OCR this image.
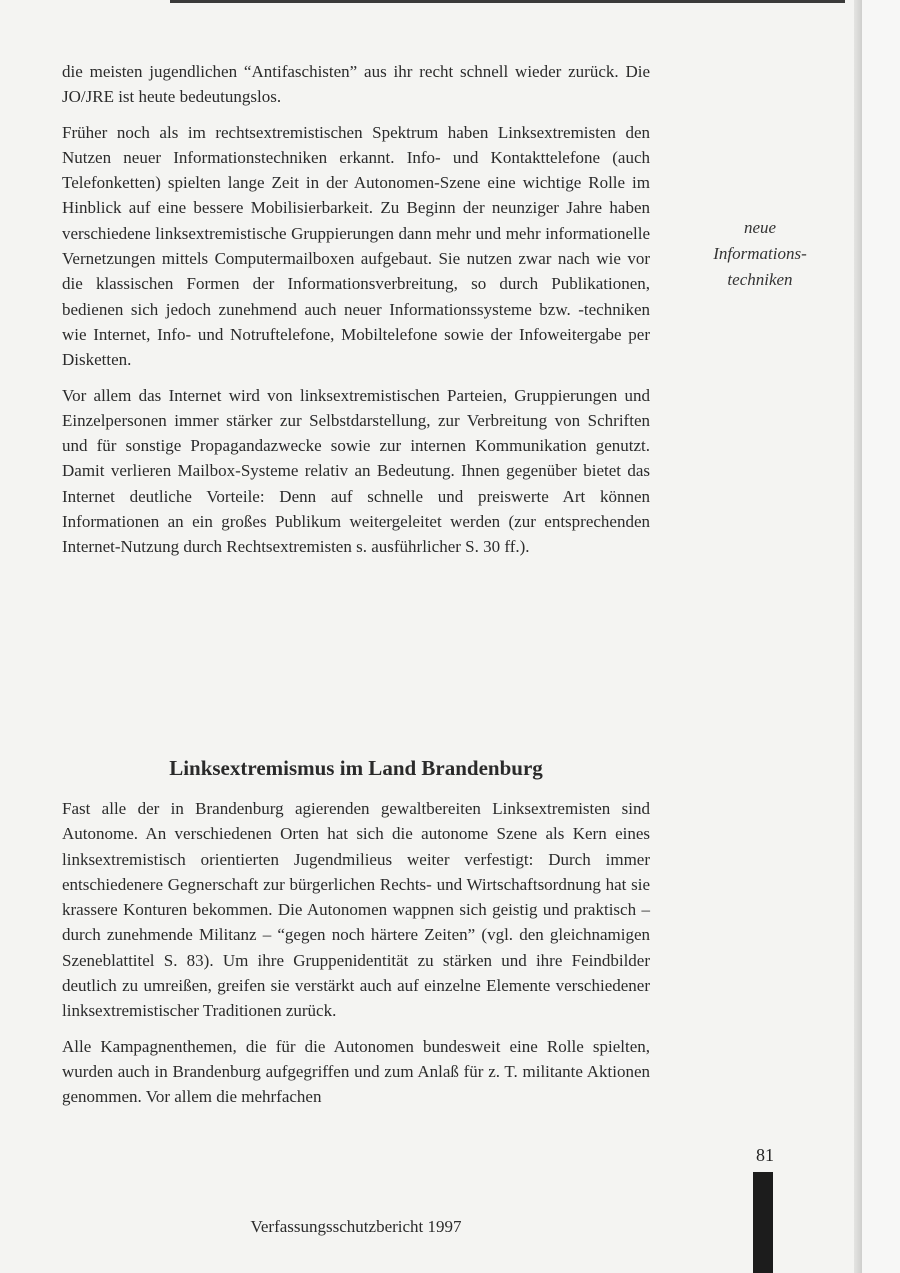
die meisten jugendlichen “Antifaschisten” aus ihr recht schnell wieder zurück. Die JO/JRE ist heute bedeutungslos.

Früher noch als im rechtsextremistischen Spektrum haben Linksextremisten den Nutzen neuer Informationstechniken erkannt. Info- und Kontakttelefone (auch Telefonketten) spielten lange Zeit in der Autonomen-Szene eine wichtige Rolle im Hinblick auf eine bessere Mobilisierbarkeit. Zu Beginn der neunziger Jahre haben verschiedene linksextremistische Gruppierungen dann mehr und mehr informationelle Vernetzungen mittels Computermailboxen aufgebaut. Sie nutzen zwar nach wie vor die klassischen Formen der Informationsverbreitung, so durch Publikationen, bedienen sich jedoch zunehmend auch neuer Informationssysteme bzw. -techniken wie Internet, Info- und Notruftelefone, Mobiltelefone sowie der Infoweitergabe per Disketten.

Vor allem das Internet wird von linksextremistischen Parteien, Gruppierungen und Einzelpersonen immer stärker zur Selbstdarstellung, zur Verbreitung von Schriften und für sonstige Propagandazwecke sowie zur internen Kommunikation genutzt. Damit verlieren Mailbox-Systeme relativ an Bedeutung. Ihnen gegenüber bietet das Internet deutliche Vorteile: Denn auf schnelle und preiswerte Art können Informationen an ein großes Publikum weitergeleitet werden (zur entsprechenden Internet-Nutzung durch Rechtsextremisten s. ausführlicher S. 30 ff.).

neue
Informations-
techniken
Linksextremismus im Land Brandenburg

Fast alle der in Brandenburg agierenden gewaltbereiten Linksextremisten sind Autonome. An verschiedenen Orten hat sich die autonome Szene als Kern eines linksextremistisch orientierten Jugendmilieus weiter verfestigt: Durch immer entschiedenere Gegnerschaft zur bürgerlichen Rechts- und Wirtschaftsordnung hat sie krassere Konturen bekommen. Die Autonomen wappnen sich geistig und praktisch – durch zunehmende Militanz – “gegen noch härtere Zeiten” (vgl. den gleichnamigen Szeneblattitel S. 83). Um ihre Gruppenidentität zu stärken und ihre Feindbilder deutlich zu umreißen, greifen sie verstärkt auch auf einzelne Elemente verschiedener linksextremistischer Traditionen zurück.

Alle Kampagnenthemen, die für die Autonomen bundesweit eine Rolle spielten, wurden auch in Brandenburg aufgegriffen und zum Anlaß für z. T. militante Aktionen genommen. Vor allem die mehrfachen

81
Verfassungsschutzbericht 1997
